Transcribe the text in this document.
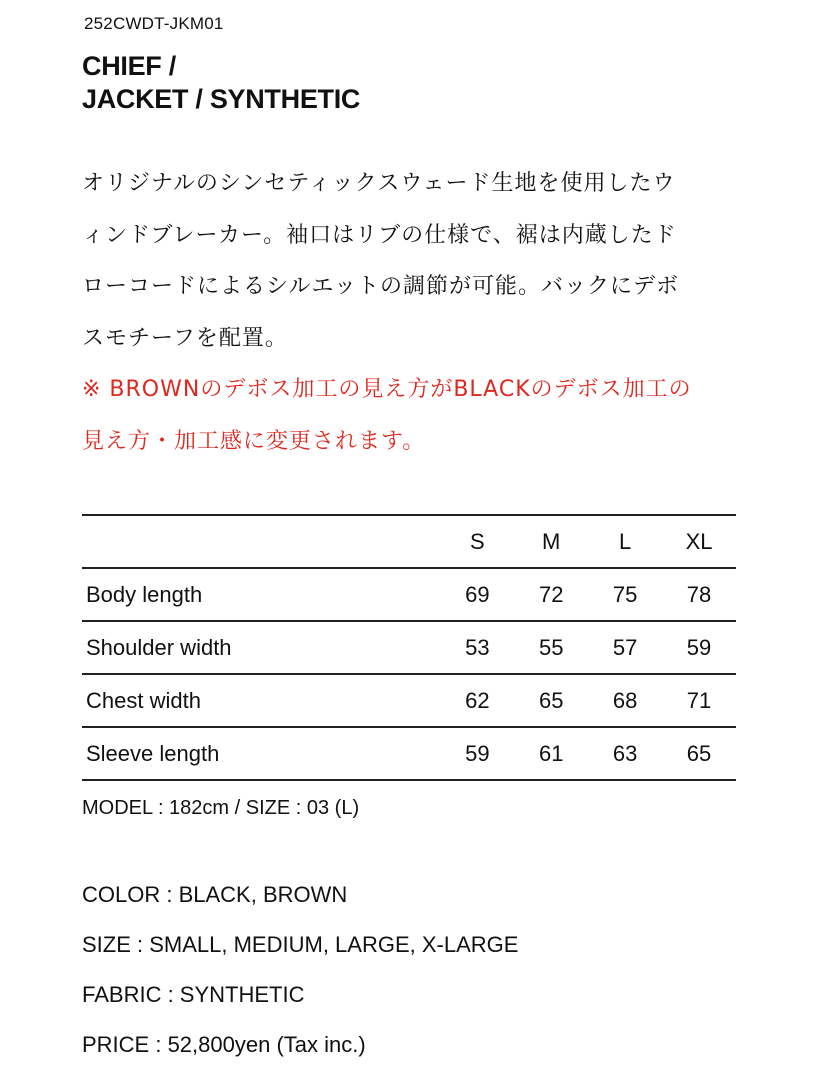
252CWDT-JKM01
CHIEF /
JACKET / SYNTHETIC
オリジナルのシンセティックスウェード生地を使用したウ
ィンドブレーカー。袖口はリブの仕様で、裾は内蔵したド
ローコードによるシルエットの調節が可能。バックにデボ
スモチーフを配置。
※ BROWNのデボス加工の見え方がBLACKのデボス加工の
見え方・加工感に変更されます。
	S	M	L	XL
Body length	69	72	75	78
Shoulder width	53	55	57	59
Chest width	62	65	68	71
Sleeve length	59	61	63	65
MODEL : 182cm / SIZE : 03 (L)
COLOR : BLACK, BROWN
SIZE : SMALL, MEDIUM, LARGE, X-LARGE
FABRIC : SYNTHETIC
PRICE : 52,800yen (Tax inc.)
